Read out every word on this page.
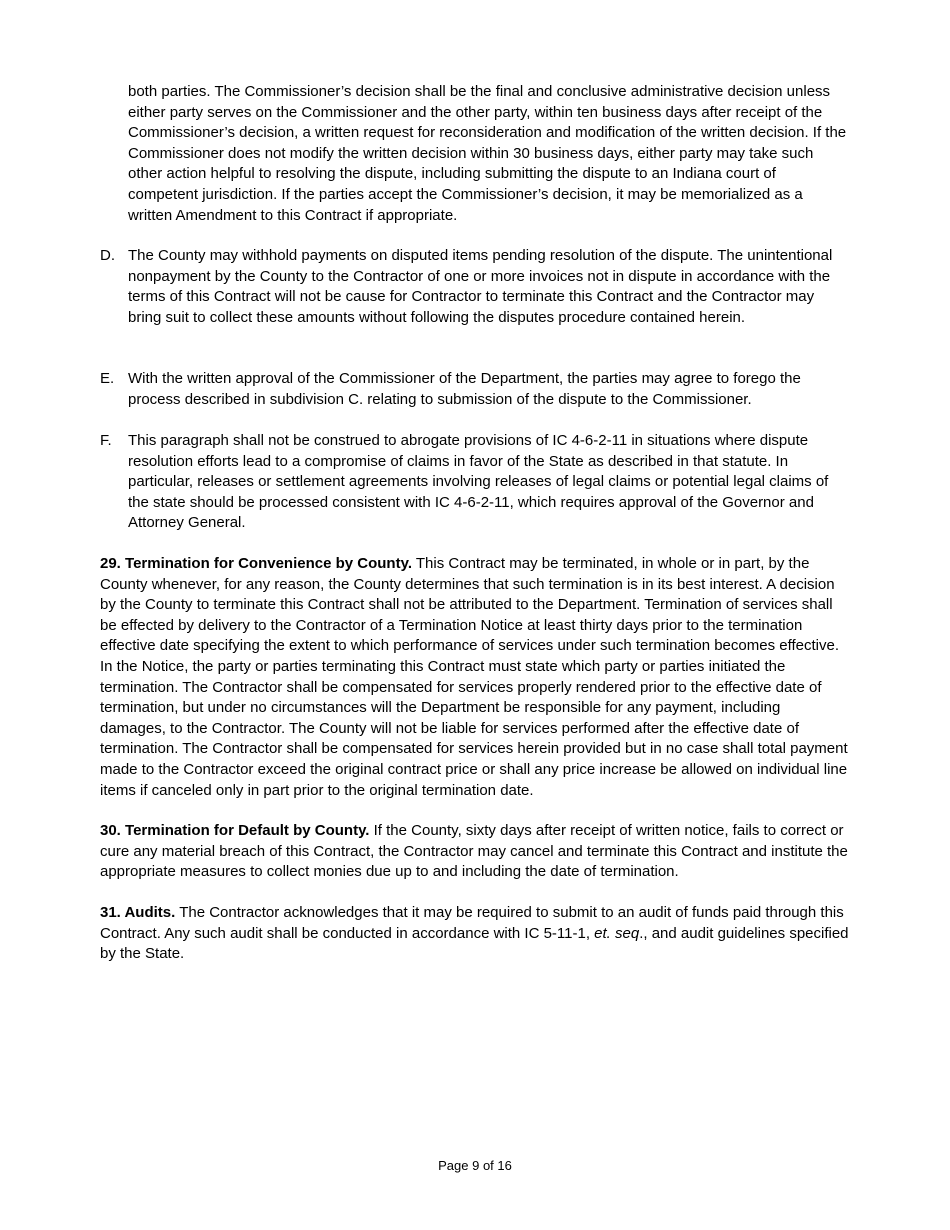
both parties. The Commissioner’s decision shall be the final and conclusive administrative decision unless either party serves on the Commissioner and the other party, within ten business days after receipt of the Commissioner’s decision, a written request for reconsideration and modification of the written decision. If the Commissioner does not modify the written decision within 30 business days, either party may take such other action helpful to resolving the dispute, including submitting the dispute to an Indiana court of competent jurisdiction. If the parties accept the Commissioner’s decision, it may be memorialized as a written Amendment to this Contract if appropriate.

D. The County may withhold payments on disputed items pending resolution of the dispute. The unintentional nonpayment by the County to the Contractor of one or more invoices not in dispute in accordance with the terms of this Contract will not be cause for Contractor to terminate this Contract and the Contractor may bring suit to collect these amounts without following the disputes procedure contained herein.
E. With the written approval of the Commissioner of the Department, the parties may agree to forego the process described in subdivision C. relating to submission of the dispute to the Commissioner.
F.	This paragraph shall not be construed to abrogate provisions of IC 4-6-2-11 in situations where dispute resolution efforts lead to a compromise of claims in favor of the State as described in that statute. In particular, releases or settlement agreements involving releases of legal claims or potential legal claims of the state should be processed consistent with IC 4-6-2-11, which requires approval of the Governor and Attorney General.

29. Termination for Convenience by County. This Contract may be terminated, in whole or in part, by the County whenever, for any reason, the County determines that such termination is in its best interest. A decision by the County to terminate this Contract shall not be attributed to the Department. Termination of services shall be effected by delivery to the Contractor of a Termination Notice at least thirty days prior to the termination effective date specifying the extent to which performance of services under such termination becomes effective. In the Notice, the party or parties terminating this Contract must state which party or parties initiated the termination. The Contractor shall be compensated for services properly rendered prior to the effective date of termination, but under no circumstances will the Department be responsible for any payment, including damages, to the Contractor. The County will not be liable for services performed after the effective date of termination. The Contractor shall be compensated for services herein provided but in no case shall total payment made to the Contractor exceed the original contract price or shall any price increase be allowed on individual line items if canceled only in part prior to the original termination date.

30. Termination for Default by County. If the County, sixty days after receipt of written notice, fails to correct or cure any material breach of this Contract, the Contractor may cancel and terminate this Contract and institute the appropriate measures to collect monies due up to and including the date of termination.

31. Audits. The Contractor acknowledges that it may be required to submit to an audit of funds paid through this Contract. Any such audit shall be conducted in accordance with IC 5-11-1, et. seq., and audit guidelines specified by the State.

Page 9 of 16
